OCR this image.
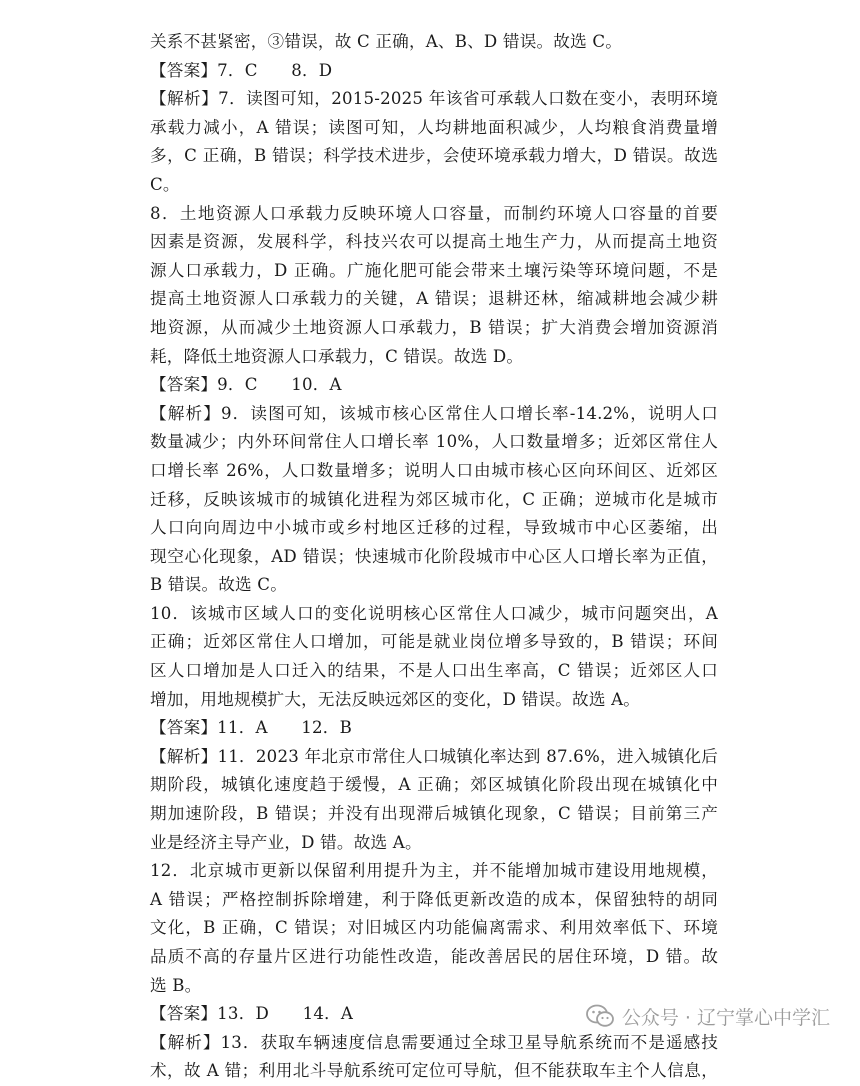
关系不甚紧密，③错误，故 C 正确，A、B、D 错误。故选 C。
【答案】7．C　　8．D
【解析】7．读图可知，2015-2025 年该省可承载人口数在变小，表明环境
承载力减小，A 错误；读图可知，人均耕地面积减少，人均粮食消费量增
多，C 正确，B 错误；科学技术进步，会使环境承载力增大，D 错误。故选
C。
8．土地资源人口承载力反映环境人口容量，而制约环境人口容量的首要
因素是资源，发展科学，科技兴农可以提高土地生产力，从而提高土地资
源人口承载力，D 正确。广施化肥可能会带来土壤污染等环境问题，不是
提高土地资源人口承载力的关键，A 错误；退耕还林，缩减耕地会减少耕
地资源，从而减少土地资源人口承载力，B 错误；扩大消费会增加资源消
耗，降低土地资源人口承载力，C 错误。故选 D。
【答案】9．C　　10．A
【解析】9．读图可知，该城市核心区常住人口增长率-14.2%，说明人口
数量减少；内外环间常住人口增长率 10%，人口数量增多；近郊区常住人
口增长率 26%，人口数量增多；说明人口由城市核心区向环间区、近郊区
迁移，反映该城市的城镇化进程为郊区城市化，C 正确；逆城市化是城市
人口向向周边中小城市或乡村地区迁移的过程，导致城市中心区萎缩，出
现空心化现象，AD 错误；快速城市化阶段城市中心区人口增长率为正值，
B 错误。故选 C。
10．该城市区域人口的变化说明核心区常住人口减少，城市问题突出，A
正确；近郊区常住人口增加，可能是就业岗位增多导致的，B 错误；环间
区人口增加是人口迁入的结果，不是人口出生率高，C 错误；近郊区人口
增加，用地规模扩大，无法反映远郊区的变化，D 错误。故选 A。
【答案】11．A　　12．B
【解析】11．2023 年北京市常住人口城镇化率达到 87.6%，进入城镇化后
期阶段，城镇化速度趋于缓慢，A 正确；郊区城镇化阶段出现在城镇化中
期加速阶段，B 错误；并没有出现滞后城镇化现象，C 错误；目前第三产
业是经济主导产业，D 错。故选 A。
12．北京城市更新以保留利用提升为主，并不能增加城市建设用地规模，
A 错误；严格控制拆除增建，利于降低更新改造的成本，保留独特的胡同
文化，B 正确，C 错误；对旧城区内功能偏离需求、利用效率低下、环境
品质不高的存量片区进行功能性改造，能改善居民的居住环境，D 错。故
选 B。
【答案】13．D　　14．A
【解析】13．获取车辆速度信息需要通过全球卫星导航系统而不是遥感技
术，故 A 错；利用北斗导航系统可定位可导航，但不能获取车主个人信息，
公众号 · 辽宁掌心中学汇
